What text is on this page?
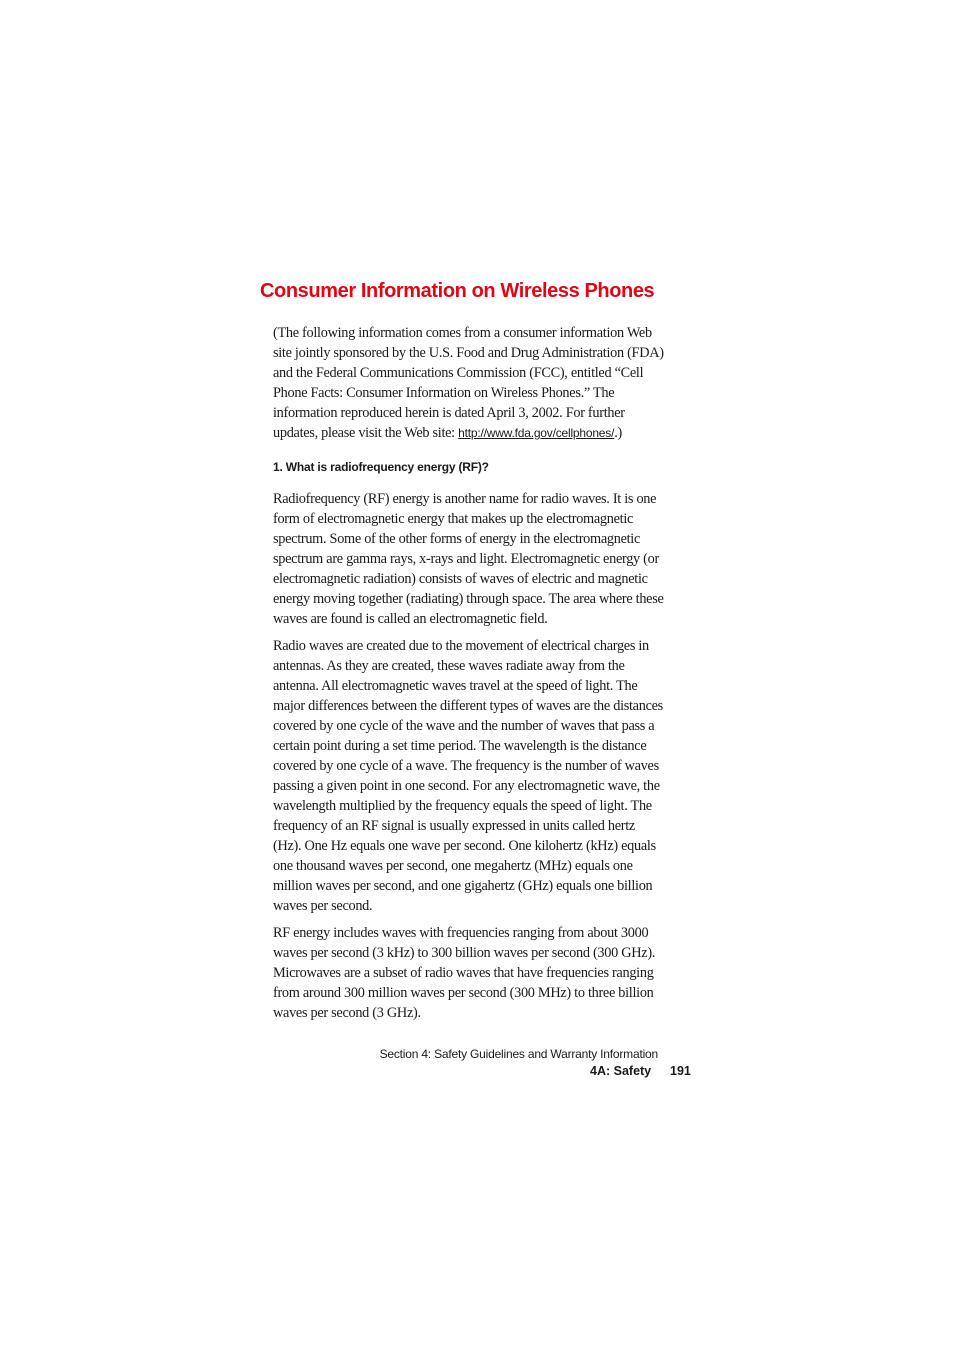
Consumer Information on Wireless Phones

(The following information comes from a consumer information Web site jointly sponsored by the U.S. Food and Drug Administration (FDA) and the Federal Communications Commission (FCC), entitled “Cell Phone Facts: Consumer Information on Wireless Phones.” The information reproduced herein is dated April 3, 2002. For further updates, please visit the Web site: http://www.fda.gov/cellphones/.)

1. What is radiofrequency energy (RF)?

Radiofrequency (RF) energy is another name for radio waves. It is one form of electromagnetic energy that makes up the electromagnetic spectrum. Some of the other forms of energy in the electromagnetic spectrum are gamma rays, x-rays and light. Electromagnetic energy (or electromagnetic radiation) consists of waves of electric and magnetic energy moving together (radiating) through space. The area where these waves are found is called an electromagnetic field.

Radio waves are created due to the movement of electrical charges in antennas. As they are created, these waves radiate away from the antenna. All electromagnetic waves travel at the speed of light. The major differences between the different types of waves are the distances covered by one cycle of the wave and the number of waves that pass a certain point during a set time period. The wavelength is the distance covered by one cycle of a wave. The frequency is the number of waves passing a given point in one second. For any electromagnetic wave, the wavelength multiplied by the frequency equals the speed of light. The frequency of an RF signal is usually expressed in units called hertz (Hz). One Hz equals one wave per second. One kilohertz (kHz) equals one thousand waves per second, one megahertz (MHz) equals one million waves per second, and one gigahertz (GHz) equals one billion waves per second.

RF energy includes waves with frequencies ranging from about 3000 waves per second (3 kHz) to 300 billion waves per second (300 GHz). Microwaves are a subset of radio waves that have frequencies ranging from around 300 million waves per second (300 MHz) to three billion waves per second (3 GHz).

Section 4: Safety Guidelines and Warranty Information
4A: Safety 191
